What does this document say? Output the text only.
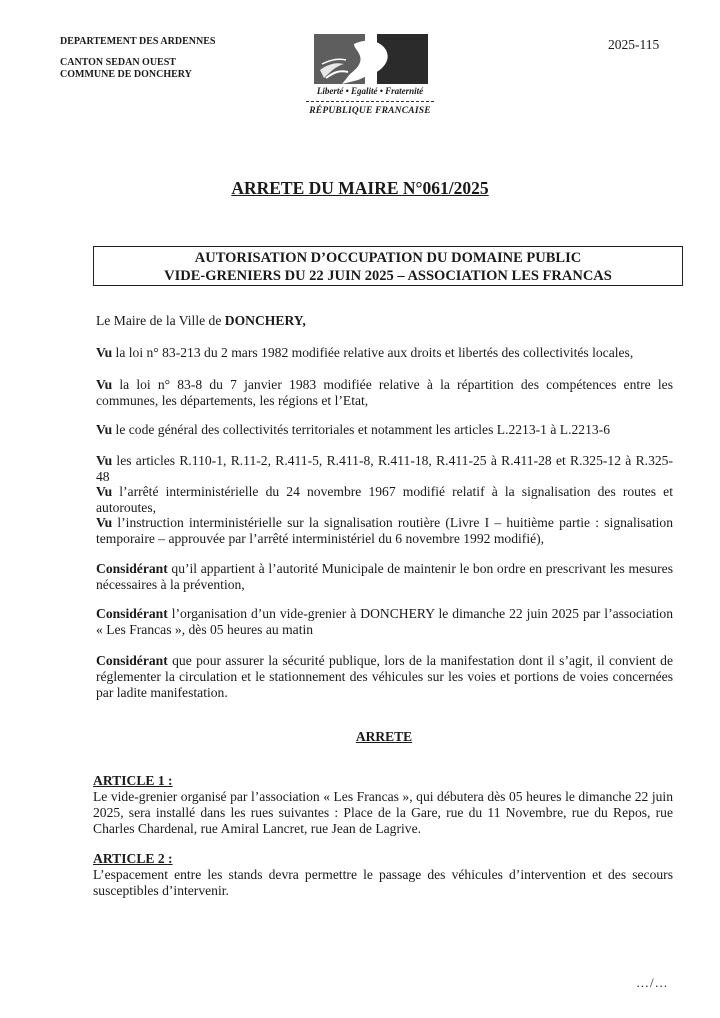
DEPARTEMENT DES ARDENNES
CANTON SEDAN OUEST
COMMUNE DE DONCHERY
2025-115
Liberté • Egalité • Fraternité
RÉPUBLIQUE FRANCAISE
ARRETE DU MAIRE N°061/2025
AUTORISATION D’OCCUPATION DU DOMAINE PUBLIC
VIDE-GRENIERS DU 22 JUIN 2025 – ASSOCIATION LES FRANCAS

Le Maire de la Ville de DONCHERY,

Vu la loi n° 83-213 du 2 mars 1982 modifiée relative aux droits et libertés des collectivités locales,

Vu la loi n° 83-8 du 7 janvier 1983 modifiée relative à la répartition des compétences entre les communes, les départements, les régions et l’Etat,

Vu le code général des collectivités territoriales et notamment les articles L.2213-1 à L.2213-6

Vu les articles R.110-1, R.11-2, R.411-5, R.411-8, R.411-18, R.411-25 à R.411-28 et R.325-12 à R.325-48

Vu l’arrêté interministérielle du 24 novembre 1967 modifié relatif à la signalisation des routes et autoroutes,

Vu l’instruction interministérielle sur la signalisation routière (Livre I – huitième partie : signalisation temporaire – approuvée par l’arrêté interministériel du 6 novembre 1992 modifié),

Considérant qu’il appartient à l’autorité Municipale de maintenir le bon ordre en prescrivant les mesures nécessaires à la prévention,

Considérant l’organisation d’un vide-grenier à DONCHERY le dimanche 22 juin 2025 par l’association « Les Francas », dès 05 heures au matin

Considérant que pour assurer la sécurité publique, lors de la manifestation dont il s’agit, il convient de réglementer la circulation et le stationnement des véhicules sur les voies et portions de voies concernées par ladite manifestation.

ARRETE
ARTICLE 1 :

Le vide-grenier organisé par l’association « Les Francas », qui débutera dès 05 heures le dimanche 22 juin 2025, sera installé dans les rues suivantes : Place de la Gare, rue du 11 Novembre, rue du Repos, rue Charles Chardenal, rue Amiral Lancret, rue Jean de Lagrive.

ARTICLE 2 :

L’espacement entre les stands devra permettre le passage des véhicules d’intervention et des secours susceptibles d’intervenir.

…/…
